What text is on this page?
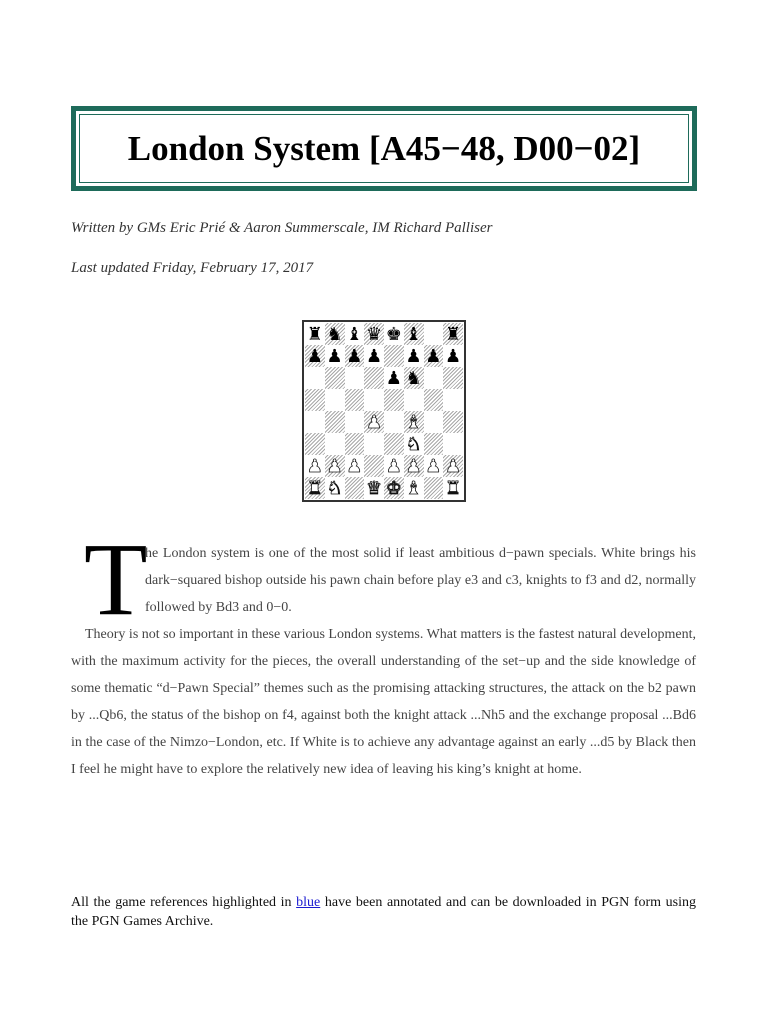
London System [A45−48, D00−02]
Written by GMs Eric Prié & Aaron Summerscale, IM Richard Palliser
Last updated Friday, February 17, 2017
♜ ♞ ♝ ♛ ♚ ♝ ♜
♟ ♟ ♟ ♟ ♟ ♟ ♟
♟ ♞
♟ ♝
♞
♟ ♟ ♟ ♟ ♟ ♟ ♟
♜ ♞ ♛ ♚ ♝ ♜
T
he London system is one of the most solid if least ambitious d−pawn specials. White brings his dark−squared bishop outside his pawn chain before play e3 and c3, knights to f3 and d2, normally followed by Bd3 and 0−0.
Theory is not so important in these various London systems. What matters is the fastest natural development, with the maximum activity for the pieces, the overall understanding of the set−up and the side knowledge of some thematic “d−Pawn Special” themes such as the promising attacking structures, the attack on the b2 pawn by ...Qb6, the status of the bishop on f4, against both the knight attack ...Nh5 and the exchange proposal ...Bd6 in the case of the Nimzo−London, etc. If White is to achieve any advantage against an early ...d5 by Black then I feel he might have to explore the relatively new idea of leaving his king’s knight at home.
All the game references highlighted in blue have been annotated and can be downloaded in PGN form using the PGN Games Archive.
